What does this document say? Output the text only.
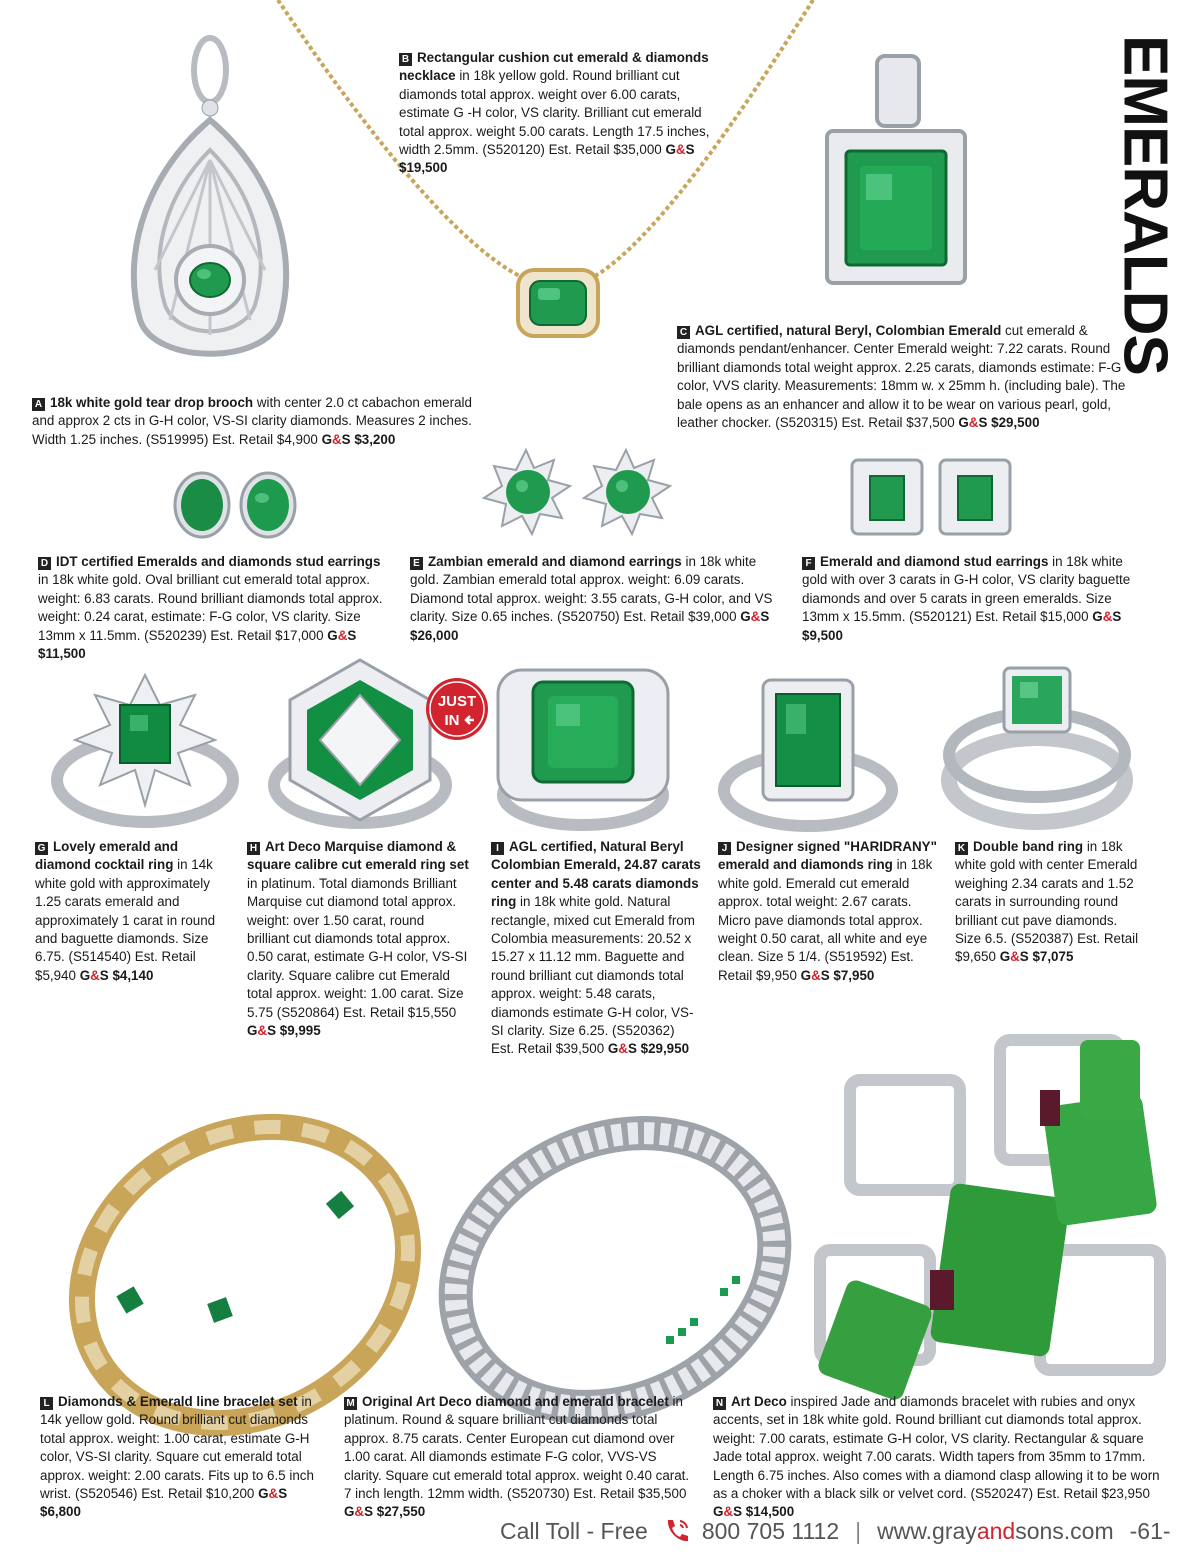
EMERALDS
JUST
IN
A 18k white gold tear drop brooch with center 2.0 ct cabachon emerald and approx 2 cts in G-H color, VS-SI clarity diamonds. Measures 2 inches. Width 1.25 inches. (S519995) Est. Retail $4,900 G&S $3,200
B Rectangular cushion cut emerald & diamonds necklace in 18k yellow gold. Round brilliant cut diamonds total approx. weight over 6.00 carats, estimate G -H color, VS clarity. Brilliant cut emerald total approx. weight 5.00 carats. Length 17.5 inches, width 2.5mm. (S520120) Est. Retail $35,000 G&S $19,500
C AGL certified, natural Beryl, Colombian Emerald cut emerald & diamonds pendant/enhancer. Center Emerald weight: 7.22 carats. Round brilliant diamonds total weight approx. 2.25 carats, diamonds estimate: F-G color, VVS clarity. Measurements: 18mm w. x 25mm h. (including bale). The bale opens as an enhancer and allow it to be wear on various pearl, gold, leather chocker. (S520315) Est. Retail $37,500 G&S $29,500
D IDT certified Emeralds and diamonds stud earrings in 18k white gold. Oval brilliant cut emerald total approx. weight: 6.83 carats. Round brilliant diamonds total approx. weight: 0.24 carat, estimate: F-G color, VS clarity. Size 13mm x 11.5mm. (S520239) Est. Retail $17,000 G&S $11,500
E Zambian emerald and diamond earrings in 18k white gold. Zambian emerald total approx. weight: 6.09 carats. Diamond total approx. weight: 3.55 carats, G-H color, and VS clarity. Size 0.65 inches. (S520750) Est. Retail $39,000 G&S $26,000
F Emerald and diamond stud earrings in 18k white gold with over 3 carats in G-H color, VS clarity baguette diamonds and over 5 carats in green emeralds. Size 13mm x 15.5mm. (S520121) Est. Retail $15,000 G&S $9,500
G Lovely emerald and diamond cocktail ring in 14k white gold with approximately 1.25 carats emerald and approximately 1 carat in round and baguette diamonds. Size 6.75. (S514540) Est. Retail $5,940 G&S $4,140
H Art Deco Marquise diamond & square calibre cut emerald ring set in platinum. Total diamonds Brilliant Marquise cut diamond total approx. weight: over 1.50 carat, round brilliant cut diamonds total approx. 0.50 carat, estimate G-H color, VS-SI clarity. Square calibre cut Emerald total approx. weight: 1.00 carat. Size 5.75 (S520864) Est. Retail $15,550 G&S $9,995
I AGL certified, Natural Beryl Colombian Emerald, 24.87 carats center and 5.48 carats diamonds ring in 18k white gold. Natural rectangle, mixed cut Emerald from Colombia measurements: 20.52 x 15.27 x 11.12 mm. Baguette and round brilliant cut diamonds total approx. weight: 5.48 carats, diamonds estimate G-H color, VS-SI clarity. Size 6.25. (S520362) Est. Retail $39,500 G&S $29,950
J Designer signed "HARIDRANY" emerald and diamonds ring in 18k white gold. Emerald cut emerald approx. total weight: 2.67 carats. Micro pave diamonds total approx. weight 0.50 carat, all white and eye clean. Size 5 1/4. (S519592) Est. Retail $9,950 G&S $7,950
K Double band ring in 18k white gold with center Emerald weighing 2.34 carats and 1.52 carats in surrounding round brilliant cut pave diamonds. Size 6.5. (S520387) Est. Retail $9,650 G&S $7,075
L Diamonds & Emerald line bracelet set in 14k yellow gold. Round brilliant cut diamonds total approx. weight: 1.00 carat, estimate G-H color, VS-SI clarity. Square cut emerald total approx. weight: 2.00 carats. Fits up to 6.5 inch wrist. (S520546) Est. Retail $10,200 G&S $6,800
M Original Art Deco diamond and emerald bracelet in platinum. Round & square brilliant cut diamonds total approx. 8.75 carats. Center European cut diamond over 1.00 carat. All diamonds estimate F-G color, VVS-VS clarity. Square cut emerald total approx. weight 0.40 carat. 7 inch length. 12mm width. (S520730) Est. Retail $35,500 G&S $27,550
N Art Deco inspired Jade and diamonds bracelet with rubies and onyx accents, set in 18k white gold. Round brilliant cut diamonds total approx. weight: 7.00 carats, estimate G-H color, VS clarity. Rectangular & square Jade total approx. weight 7.00 carats. Width tapers from 35mm to 17mm. Length 6.75 inches. Also comes with a diamond clasp allowing it to be worn as a choker with a black silk or velvet cord. (S520247) Est. Retail $23,950 G&S $14,500
Call Toll - Free 800 705 1112 | www.grayandsons.com -61-
